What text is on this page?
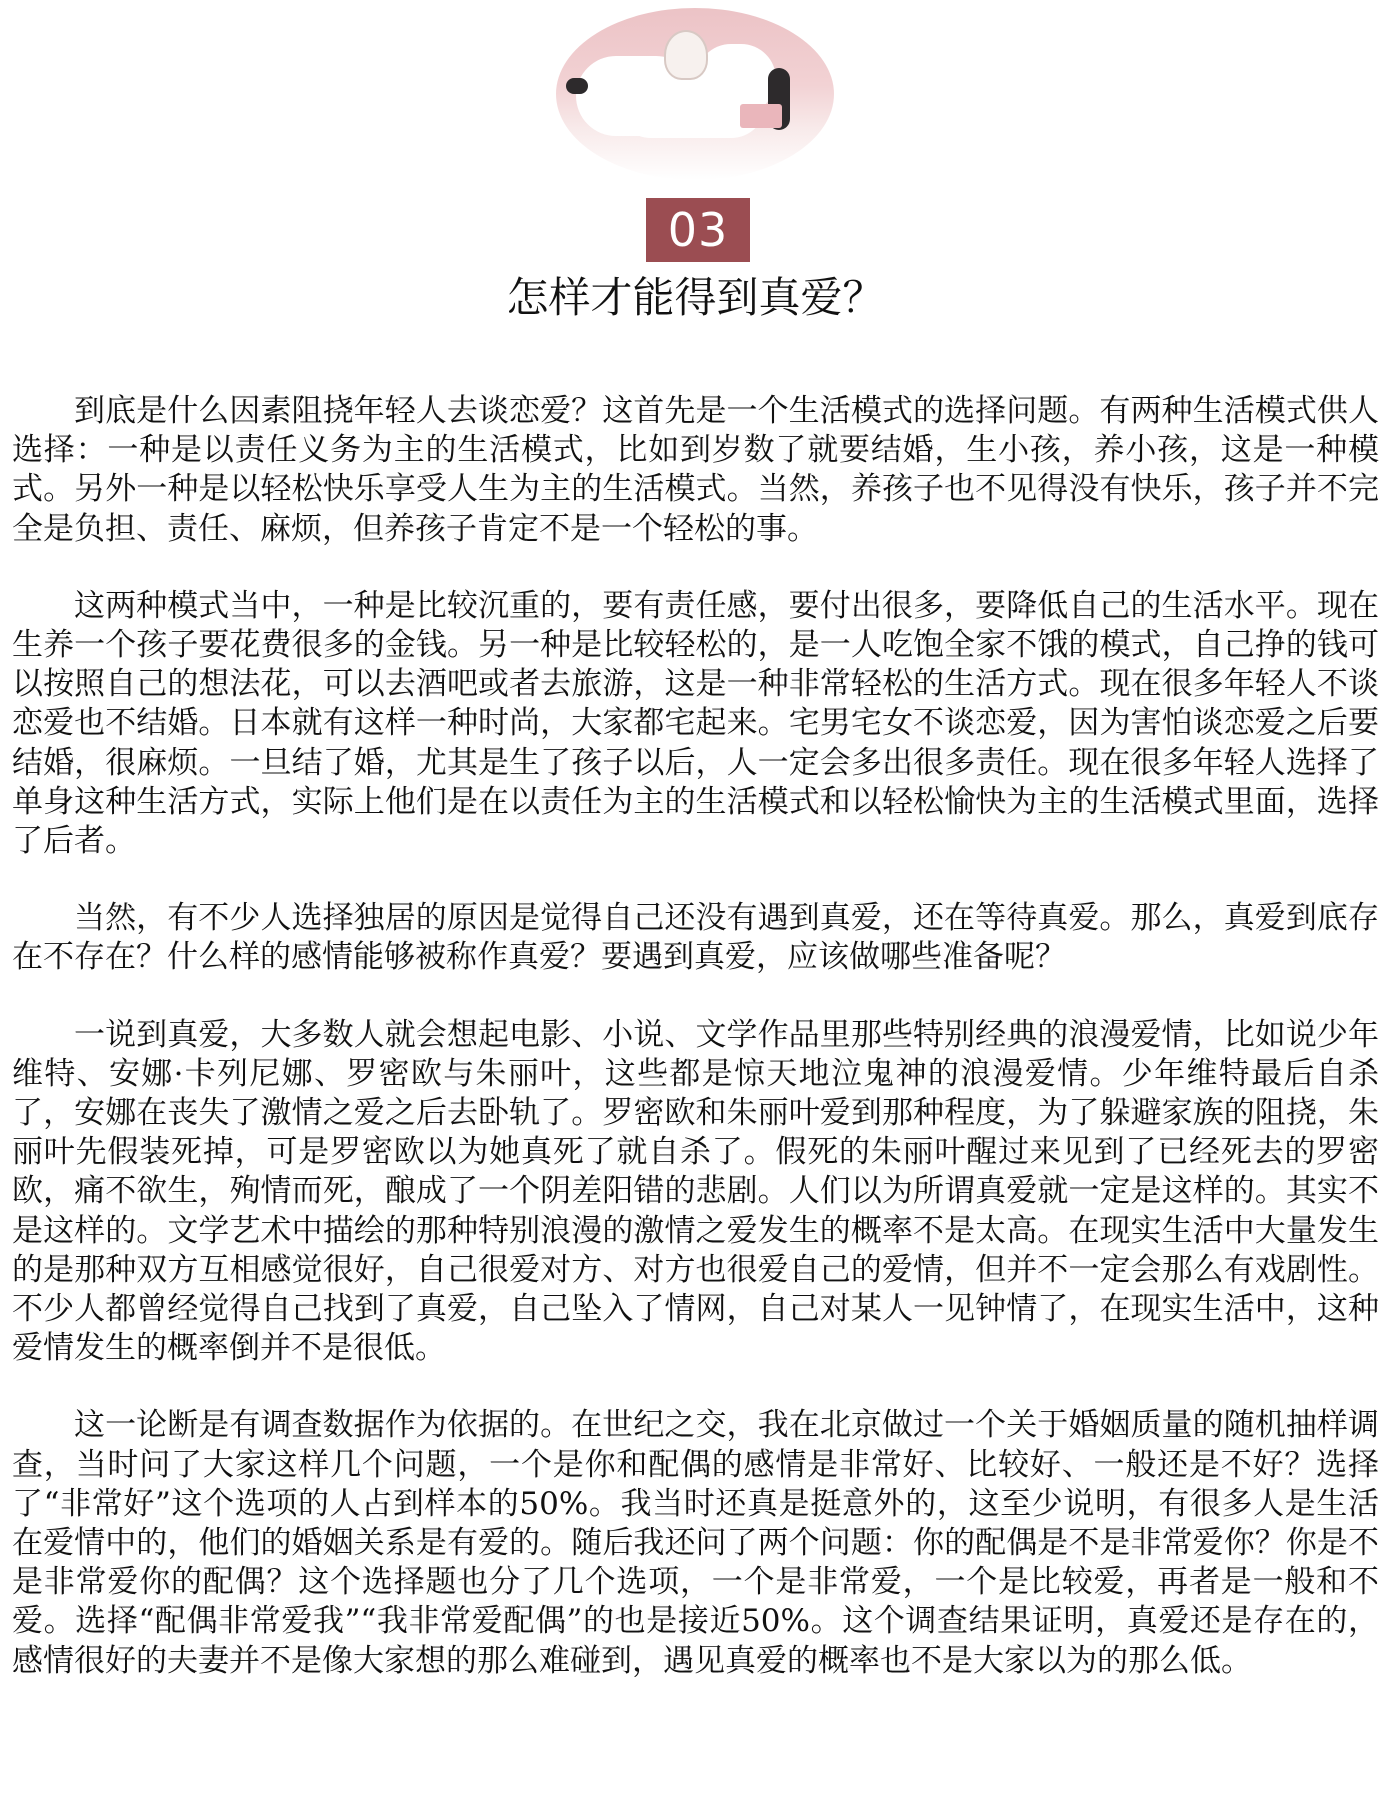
03
怎样才能得到真爱？

到底是什么因素阻挠年轻人去谈恋爱？这首先是一个生活模式的选择问题。有两种生活模式供人选择：一种是以责任义务为主的生活模式，比如到岁数了就要结婚，生小孩，养小孩，这是一种模式。另外一种是以轻松快乐享受人生为主的生活模式。当然，养孩子也不见得没有快乐，孩子并不完全是负担、责任、麻烦，但养孩子肯定不是一个轻松的事。

这两种模式当中，一种是比较沉重的，要有责任感，要付出很多，要降低自己的生活水平。现在生养一个孩子要花费很多的金钱。另一种是比较轻松的，是一人吃饱全家不饿的模式，自己挣的钱可以按照自己的想法花，可以去酒吧或者去旅游，这是一种非常轻松的生活方式。现在很多年轻人不谈恋爱也不结婚。日本就有这样一种时尚，大家都宅起来。宅男宅女不谈恋爱，因为害怕谈恋爱之后要结婚，很麻烦。一旦结了婚，尤其是生了孩子以后，人一定会多出很多责任。现在很多年轻人选择了单身这种生活方式，实际上他们是在以责任为主的生活模式和以轻松愉快为主的生活模式里面，选择了后者。

当然，有不少人选择独居的原因是觉得自己还没有遇到真爱，还在等待真爱。那么，真爱到底存在不存在？什么样的感情能够被称作真爱？要遇到真爱，应该做哪些准备呢？

一说到真爱，大多数人就会想起电影、小说、文学作品里那些特别经典的浪漫爱情，比如说少年维特、安娜·卡列尼娜、罗密欧与朱丽叶，这些都是惊天地泣鬼神的浪漫爱情。少年维特最后自杀了，安娜在丧失了激情之爱之后去卧轨了。罗密欧和朱丽叶爱到那种程度，为了躲避家族的阻挠，朱丽叶先假装死掉，可是罗密欧以为她真死了就自杀了。假死的朱丽叶醒过来见到了已经死去的罗密欧，痛不欲生，殉情而死，酿成了一个阴差阳错的悲剧。人们以为所谓真爱就一定是这样的。其实不是这样的。文学艺术中描绘的那种特别浪漫的激情之爱发生的概率不是太高。在现实生活中大量发生的是那种双方互相感觉很好，自己很爱对方、对方也很爱自己的爱情，但并不一定会那么有戏剧性。不少人都曾经觉得自己找到了真爱，自己坠入了情网，自己对某人一见钟情了，在现实生活中，这种爱情发生的概率倒并不是很低。

这一论断是有调查数据作为依据的。在世纪之交，我在北京做过一个关于婚姻质量的随机抽样调查，当时问了大家这样几个问题，一个是你和配偶的感情是非常好、比较好、一般还是不好？选择了“非常好”这个选项的人占到样本的50%。我当时还真是挺意外的，这至少说明，有很多人是生活在爱情中的，他们的婚姻关系是有爱的。随后我还问了两个问题：你的配偶是不是非常爱你？你是不是非常爱你的配偶？这个选择题也分了几个选项，一个是非常爱，一个是比较爱，再者是一般和不爱。选择“配偶非常爱我”“我非常爱配偶”的也是接近50%。这个调查结果证明，真爱还是存在的，感情很好的夫妻并不是像大家想的那么难碰到，遇见真爱的概率也不是大家以为的那么低。
